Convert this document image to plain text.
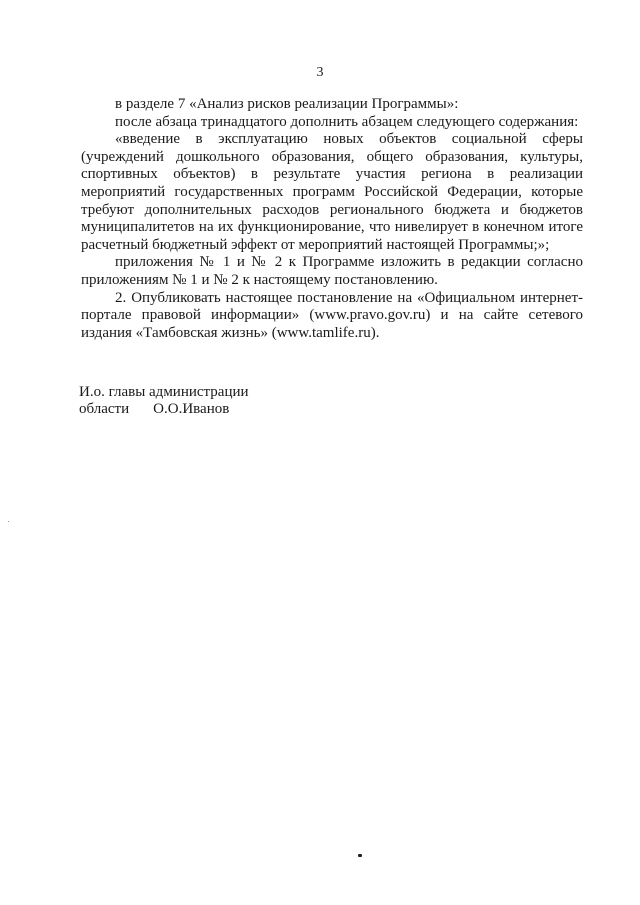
3

в разделе 7 «Анализ рисков реализации Программы»:

после абзаца тринадцатого дополнить абзацем следующего содержания:

«введение в эксплуатацию новых объектов социальной сферы (учреждений дошкольного образования, общего образования, культуры, спортивных объектов) в результате участия региона в реализации мероприятий государственных программ Российской Федерации, которые требуют дополнительных расходов регионального бюджета и бюджетов муниципалитетов на их функционирование, что нивелирует в конечном итоге расчетный бюджетный эффект от мероприятий настоящей Программы;»;

приложения № 1 и № 2 к Программе изложить в редакции согласно приложениям № 1 и № 2 к настоящему постановлению.

2. Опубликовать настоящее постановление на «Официальном интернет-портале правовой информации» (www.pravo.gov.ru) и на сайте сетевого издания «Тамбовская жизнь» (www.tamlife.ru).

И.о. главы администрации
области О.О.Иванов
